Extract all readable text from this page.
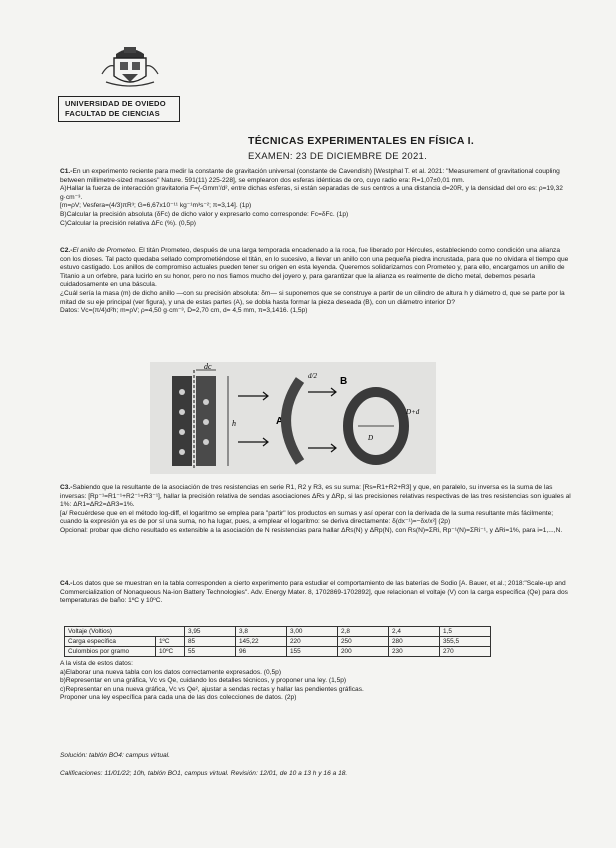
UNIVERSIDAD DE OVIEDO
FACULTAD DE CIENCIAS
TÉCNICAS EXPERIMENTALES EN FÍSICA I.
EXAMEN: 23 DE DICIEMBRE DE 2021.

C1.-En un experimento reciente para medir la constante de gravitación universal (constante de Cavendish) [Westphal T. et al. 2021: "Measurement of gravitational coupling between millimetre-sized masses" Nature. 591(11) 225-228], se emplearon dos esferas idénticas de oro, cuyo radio era: R=1,07±0,01 mm.

A)Hallar la fuerza de interacción gravitatoria F=(-Gmm'/d², entre dichas esferas, si están separadas de sus centros a una distancia d=20R, y la densidad del oro es: ρ=19,32 g·cm⁻³.

[m=ρV; Vesfera=(4/3)πR³; G=6,67x10⁻¹¹ kg⁻¹m³s⁻²; π=3,14]. (1p)

B)Calcular la precisión absoluta (δFc) de dicho valor y expresarlo como corresponde: Fc=δFc. (1p)

C)Calcular la precisión relativa ΔFc (%). (0,5p)

C2.-El anillo de Prometeo. El titán Prometeo, después de una larga temporada encadenado a la roca, fue liberado por Hércules, estableciendo como condición una alianza con los dioses. Tal pacto quedaba sellado comprometiéndose el titán, en lo sucesivo, a llevar un anillo con una pequeña piedra incrustada, para que no olvidara el tiempo que estuvo castigado. Los anillos de compromiso actuales pueden tener su origen en esta leyenda. Queremos solidarizarnos con Prometeo y, para ello, encargamos un anillo de Titanio a un orfebre, para lucirlo en su honor, pero no nos fiamos mucho del joyero y, para garantizar que la alianza es realmente de dicho metal, debemos pesarla cuidadosamente en una báscula.

¿Cuál sería la masa (m) de dicho anillo —con su precisión absoluta: δm— si suponemos que se construye a partir de un cilindro de altura h y diámetro d, que se parte por la mitad de su eje principal (ver figura), y una de estas partes (A), se dobla hasta formar la pieza deseada (B), con un diámetro interior D?

Datos: Vc=(π/4)d²h; m=ρV; ρ=4,50 g·cm⁻³, D=2,70 cm, d= 4,5 mm, π=3,1416. (1,5p)

dc
h	A
d/2 B
D
D+d

C3.-Sabiendo que la resultante de la asociación de tres resistencias en serie R1, R2 y R3, es su suma: [Rs=R1+R2+R3] y que, en paralelo, su inversa es la suma de las inversas: [Rp⁻¹=R1⁻¹+R2⁻¹+R3⁻¹], hallar la precisión relativa de sendas asociaciones ΔRs y ΔRp, si las precisiones relativas respectivas de las tres resistencias son iguales al 1%: ΔR1=ΔR2=ΔR3=1%.

[a/ Recuérdese que en el método log-diff, el logaritmo se emplea para "partir" los productos en sumas y así operar con la derivada de la suma resultante más fácilmente; cuando la expresión ya es de por sí una suma, no ha lugar, pues, a emplear el logaritmo: se deriva directamente: δ(dx⁻¹)=−δx/x²] (2p)

Opcional: probar que dicho resultado es extensible a la asociación de N resistencias para hallar ΔRs(N) y ΔRp(N), con Rs(N)=ΣRi, Rp⁻¹(N)=ΣRi⁻¹, y ΔRi=1%, para i=1,...,N.

C4.-Los datos que se muestran en la tabla corresponden a cierto experimento para estudiar el comportamiento de las baterías de Sodio [A. Bauer, et al.; 2018:"Scale-up and Commercialization of Nonaqueous Na-ion Battery Technologies". Adv. Energy Mater. 8, 1702869-1702892], que relacionan el voltaje (V) con la carga específica (Qe) para dos temperaturas de baño: 1ºC y 10ºC.

Voltaje (Voltios)		3,95	3,8	3,00	2,8	2,4	1,5
Carga específica	1ºC	85	145,22	220	250	280	355,5
Culombios por gramo	10ºC	55	96	155	200	230	270

A la vista de estos datos:

a)Elaborar una nueva tabla con los datos correctamente expresados. (0,5p)

b)Representar en una gráfica, Vc vs Qe, cuidando los detalles técnicos, y proponer una ley. (1,5p)

c)Representar en una nueva gráfica, Vc vs Qe², ajustar a sendas rectas y hallar las pendientes gráficas.

Proponer una ley específica para cada una de las dos colecciones de datos. (2p)

Solución: tablón BO4: campus virtual.
Calificaciones: 11/01/22; 10h, tablón BO1, campus virtual. Revisión: 12/01, de 10 a 13 h y 16 a 18.
